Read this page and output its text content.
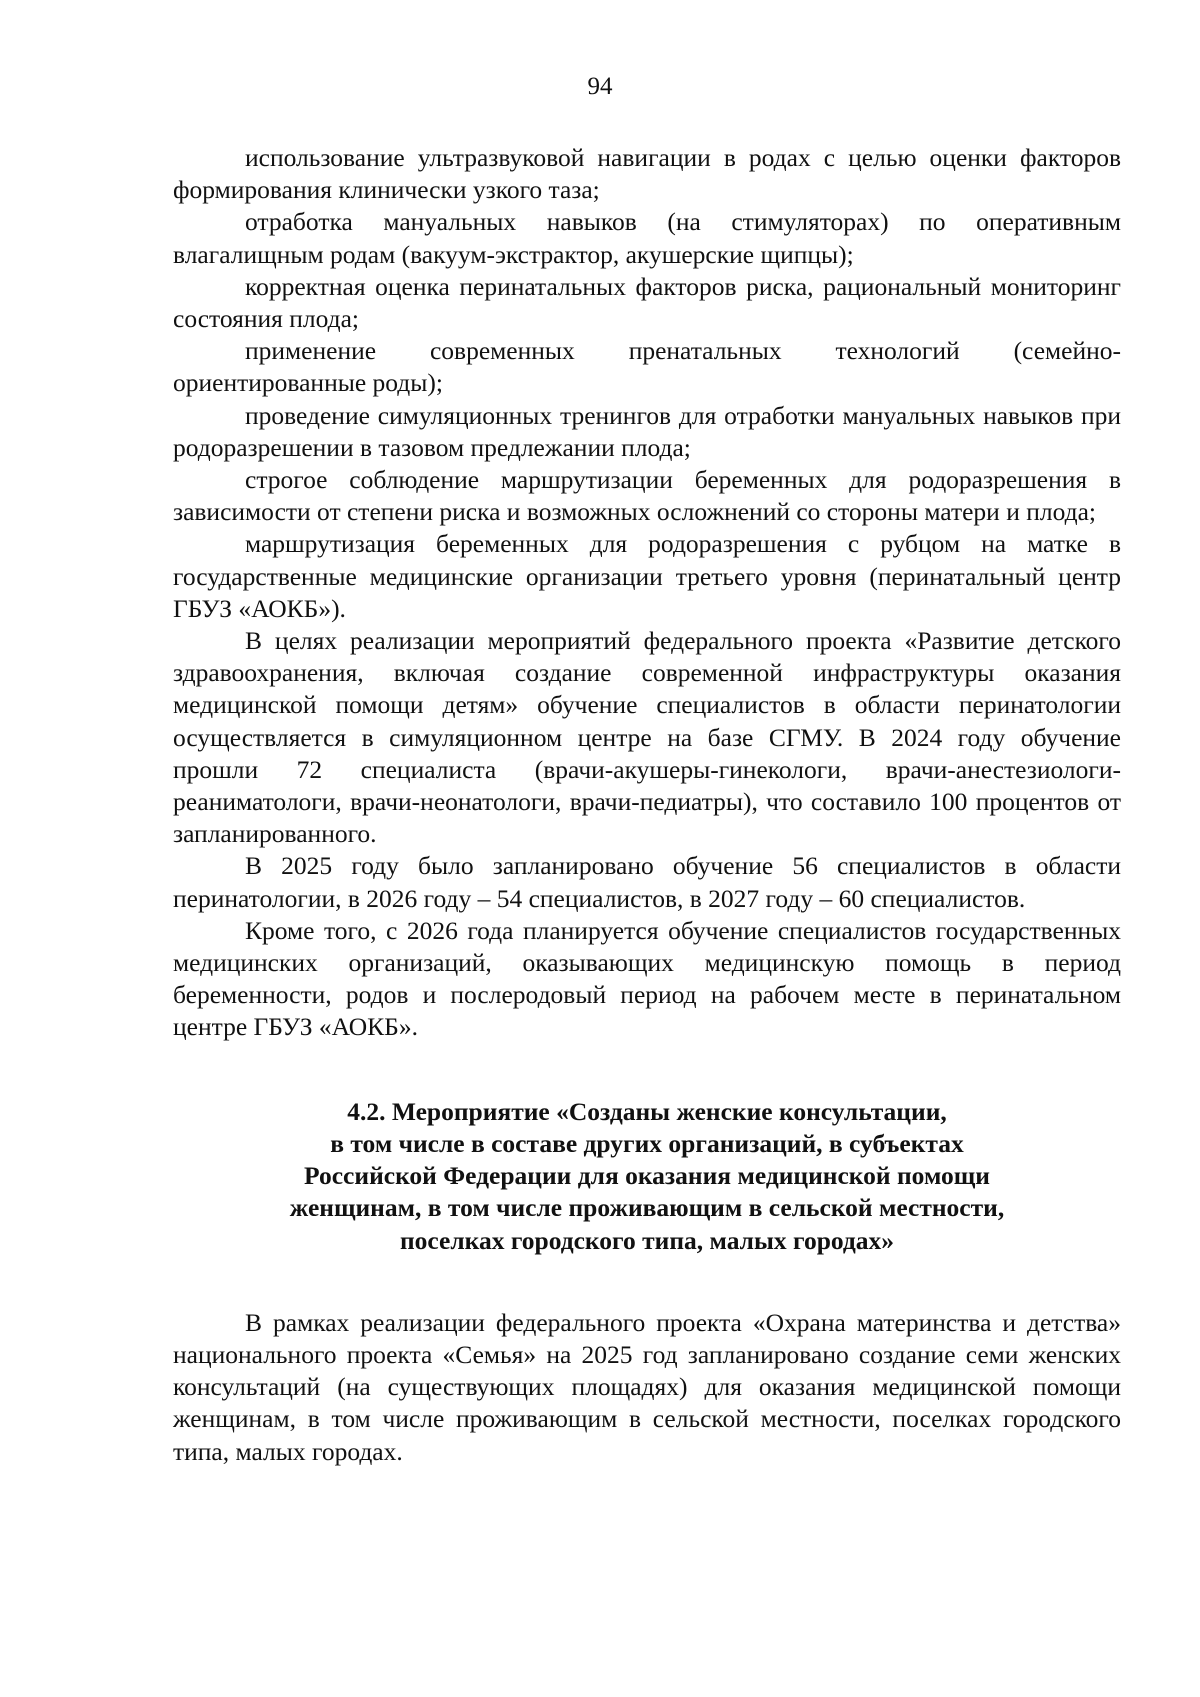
94

использование ультразвуковой навигации в родах с целью оценки факторов формирования клинически узкого таза;

отработка мануальных навыков (на стимуляторах) по оперативным влагалищным родам (вакуум-экстрактор, акушерские щипцы);

корректная оценка перинатальных факторов риска, рациональный мониторинг состояния плода;

применение современных пренатальных технологий (семейно-ориентированные роды);

проведение симуляционных тренингов для отработки мануальных навыков при родоразрешении в тазовом предлежании плода;

строгое соблюдение маршрутизации беременных для родоразрешения в зависимости от степени риска и возможных осложнений со стороны матери и плода;

маршрутизация беременных для родоразрешения с рубцом на матке в государственные медицинские организации третьего уровня (перинатальный центр ГБУЗ «АОКБ»).

В целях реализации мероприятий федерального проекта «Развитие детского здравоохранения, включая создание современной инфраструктуры оказания медицинской помощи детям» обучение специалистов в области перинатологии осуществляется в симуляционном центре на базе СГМУ. В 2024 году обучение прошли 72 специалиста (врачи-акушеры-гинекологи, врачи-анестезиологи-реаниматологи, врачи-неонатологи, врачи-педиатры), что составило 100 процентов от запланированного.

В 2025 году было запланировано обучение 56 специалистов в области перинатологии, в 2026 году – 54 специалистов, в 2027 году – 60 специалистов.

Кроме того, с 2026 года планируется обучение специалистов государственных медицинских организаций, оказывающих медицинскую помощь в период беременности, родов и послеродовый период на рабочем месте в перинатальном центре ГБУЗ «АОКБ».

4.2. Мероприятие «Созданы женские консультации,
в том числе в составе других организаций, в субъектах
Российской Федерации для оказания медицинской помощи
женщинам, в том числе проживающим в сельской местности,
поселках городского типа, малых городах»

В рамках реализации федерального проекта «Охрана материнства и детства» национального проекта «Семья» на 2025 год запланировано создание семи женских консультаций (на существующих площадях) для оказания медицинской помощи женщинам, в том числе проживающим в сельской местности, поселках городского типа, малых городах.
